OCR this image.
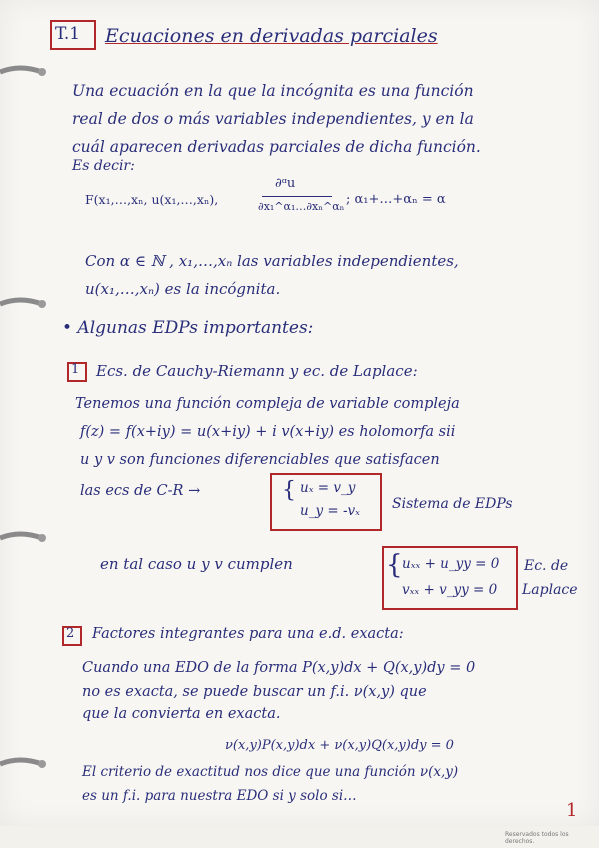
T.1 Ecuaciones en derivadas parciales
Una ecuación en la que la incógnita es una función
real de dos o más variables independientes, y en la
cuál aparecen derivadas parciales de dicha función.
Es decir:
F(x₁,…,xₙ, u(x₁,…,xₙ),
∂ᵅu
∂x₁^α₁…∂xₙ^αₙ ; α₁+…+αₙ = α
Con α ∈ ℕ , x₁,…,xₙ las variables independientes,
u(x₁,…,xₙ) es la incógnita.
• Algunas EDPs importantes:
1 Ecs. de Cauchy-Riemann y ec. de Laplace:
Tenemos una función compleja de variable compleja
f(z) = f(x+iy) = u(x+iy) + i v(x+iy) es holomorfa sii
u y v son funciones diferenciables que satisfacen
las ecs de C-R →	{ uₓ = v_y
u_y = -vₓ Sistema de EDPs
en tal caso u y v cumplen	{ uₓₓ + u_yy = 0
vₓₓ + v_yy = 0
Ec. de
Laplace
2 Factores integrantes para una e.d. exacta:
Cuando una EDO de la forma P(x,y)dx + Q(x,y)dy = 0
no es exacta, se puede buscar un f.i. ν(x,y) que
que la convierta en exacta.
ν(x,y)P(x,y)dx + ν(x,y)Q(x,y)dy = 0
El criterio de exactitud nos dice que una función ν(x,y)
es un f.i. para nuestra EDO si y solo si…
1
Reservados todos los derechos.
